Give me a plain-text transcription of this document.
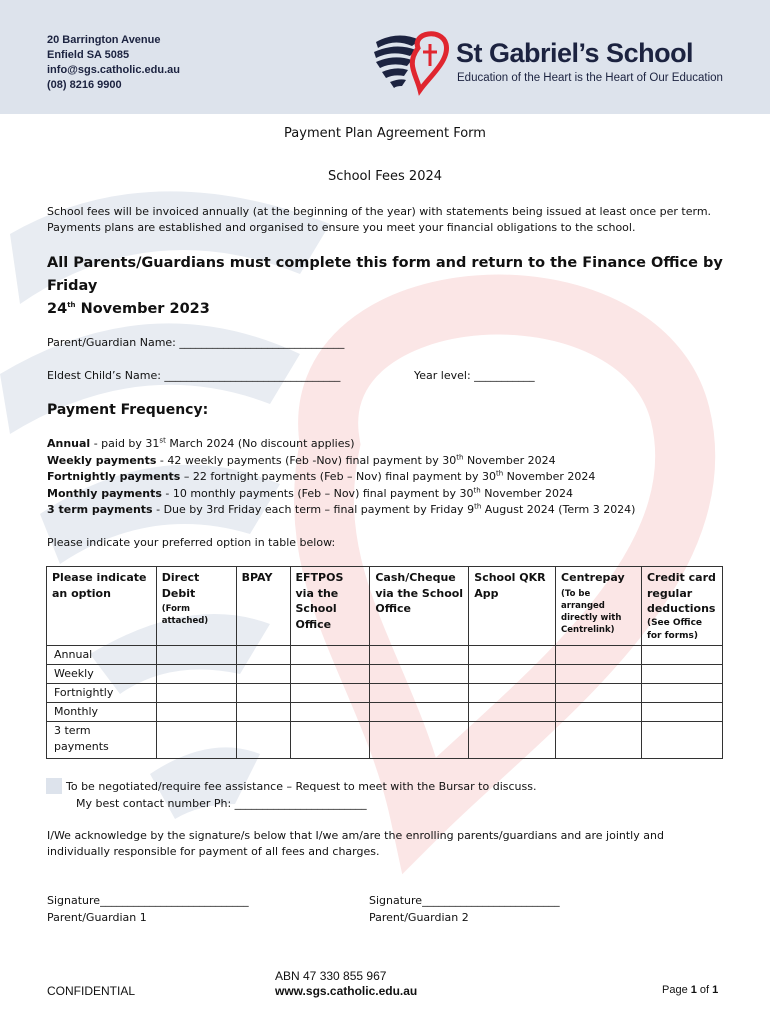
20 Barrington Avenue
Enfield SA 5085
info@sgs.catholic.edu.au
(08) 8216 9900
St Gabriel’s School
Education of the Heart is the Heart of Our Education
Payment Plan Agreement Form
School Fees 2024
School fees will be invoiced annually (at the beginning of the year) with statements being issued at least once per term. Payments plans are established and organised to ensure you meet your financial obligations to the school.
All Parents/Guardians must complete this form and return to the Finance Office by Friday
24th November 2023
Parent/Guardian Name: ______________________________
Eldest Child’s Name: ________________________________	Year level: ___________
Payment Frequency:
Annual - paid by 31st March 2024 (No discount applies)
Weekly payments - 42 weekly payments (Feb -Nov) final payment by 30th November 2024
Fortnightly payments – 22 fortnight payments (Feb – Nov) final payment by 30th November 2024
Monthly payments - 10 monthly payments (Feb – Nov) final payment by 30th November 2024
3 term payments - Due by 3rd Friday each term – final payment by Friday 9th August 2024 (Term 3 2024)
Please indicate your preferred option in table below:
Please indicate an option	Direct Debit
(Form attached)	BPAY	EFTPOS via the School Office	Cash/Cheque via the School Office	School QKR App	Centrepay
(To be arranged directly with Centrelink)	Credit card regular deductions
(See Office for forms)

Annual							
Weekly							
Fortnightly							
Monthly							
3 term payments							
To be negotiated/require fee assistance – Request to meet with the Bursar to discuss.
My best contact number Ph: ________________________
I/We acknowledge by the signature/s below that I/we am/are the enrolling parents/guardians and are jointly and individually responsible for payment of all fees and charges.
Signature___________________________
Parent/Guardian 1
Signature_________________________
Parent/Guardian 2
CONFIDENTIAL
ABN 47 330 855 967
www.sgs.catholic.edu.au	Page 1 of 1
